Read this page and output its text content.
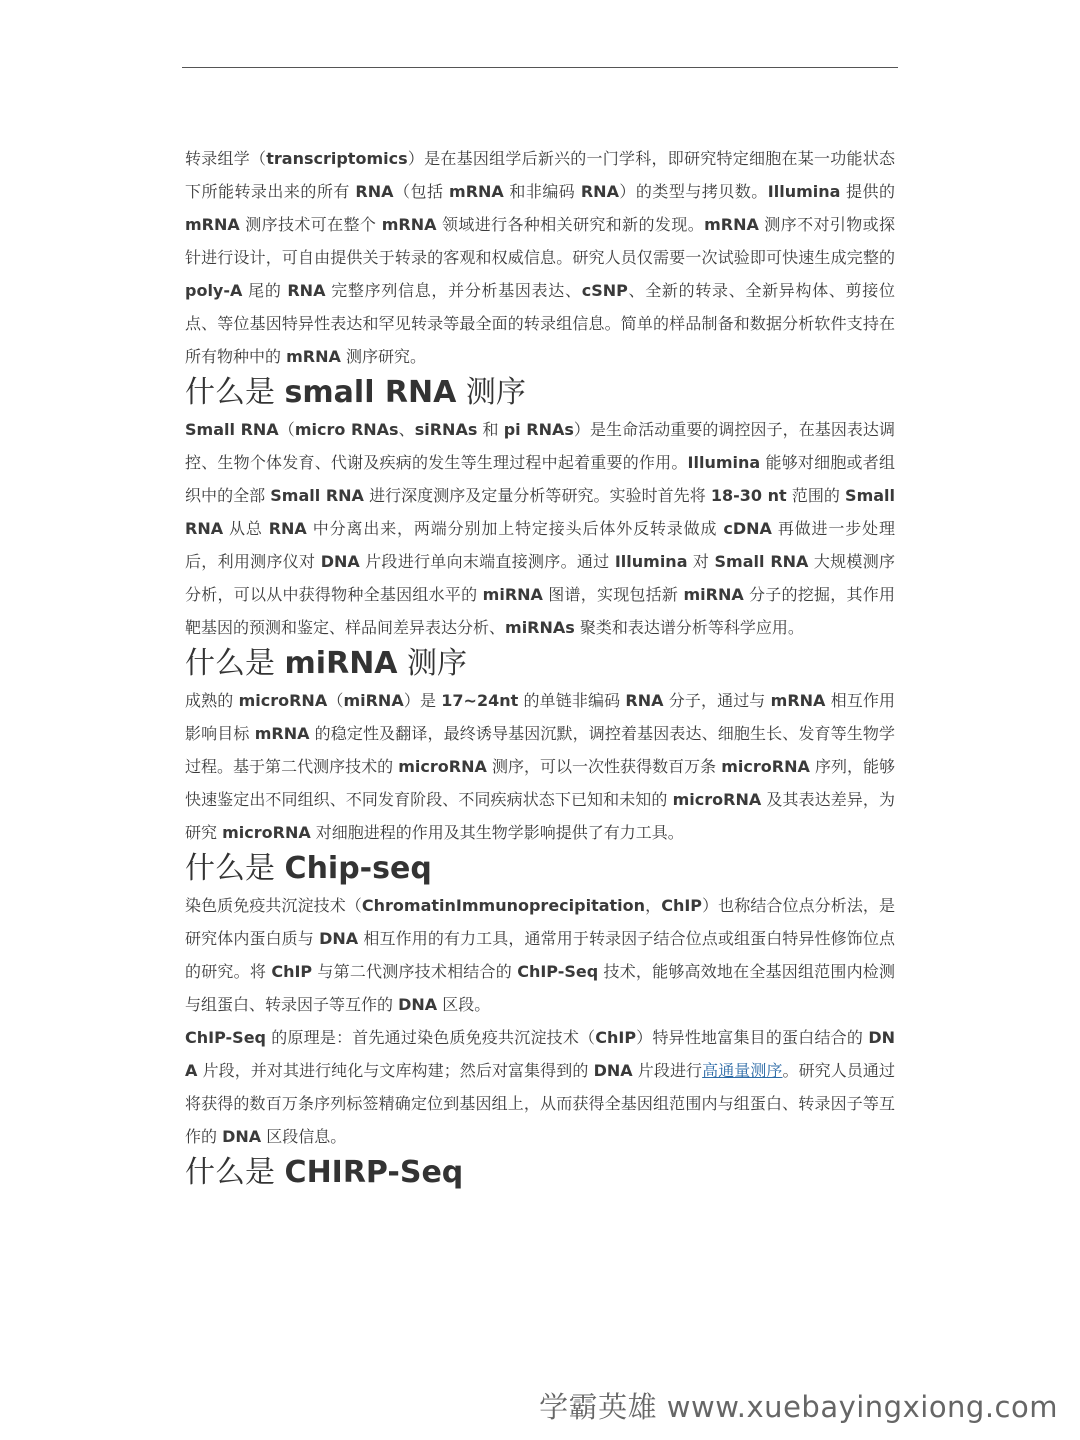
转录组学（transcriptomics）是在基因组学后新兴的一门学科，即研究特定细胞在某一功能状态下所能转录出来的所有 RNA（包括 mRNA 和非编码 RNA）的类型与拷贝数。Illumina 提供的 mRNA 测序技术可在整个 mRNA 领域进行各种相关研究和新的发现。mRNA 测序不对引物或探针进行设计，可自由提供关于转录的客观和权威信息。研究人员仅需要一次试验即可快速生成完整的 poly-A 尾的 RNA 完整序列信息，并分析基因表达、cSNP、全新的转录、全新异构体、剪接位点、等位基因特异性表达和罕见转录等最全面的转录组信息。简单的样品制备和数据分析软件支持在所有物种中的 mRNA 测序研究。

什么是 small RNA 测序

Small RNA（micro RNAs、siRNAs 和 pi RNAs）是生命活动重要的调控因子，在基因表达调控、生物个体发育、代谢及疾病的发生等生理过程中起着重要的作用。Illumina 能够对细胞或者组织中的全部 Small RNA 进行深度测序及定量分析等研究。实验时首先将 18-30 nt 范围的 Small RNA 从总 RNA 中分离出来，两端分别加上特定接头后体外反转录做成 cDNA 再做进一步处理后，利用测序仪对 DNA 片段进行单向末端直接测序。通过 Illumina 对 Small RNA 大规模测序分析，可以从中获得物种全基因组水平的 miRNA 图谱，实现包括新 miRNA 分子的挖掘，其作用靶基因的预测和鉴定、样品间差异表达分析、miRNAs 聚类和表达谱分析等科学应用。

什么是 miRNA 测序

成熟的 microRNA（miRNA）是 17~24nt 的单链非编码 RNA 分子，通过与 mRNA 相互作用影响目标 mRNA 的稳定性及翻译，最终诱导基因沉默，调控着基因表达、细胞生长、发育等生物学过程。基于第二代测序技术的 microRNA 测序，可以一次性获得数百万条 microRNA 序列，能够快速鉴定出不同组织、不同发育阶段、不同疾病状态下已知和未知的 microRNA 及其表达差异，为研究 microRNA 对细胞进程的作用及其生物学影响提供了有力工具。

什么是 Chip-seq

染色质免疫共沉淀技术（ChromatinImmunoprecipitation，ChIP）也称结合位点分析法，是研究体内蛋白质与 DNA 相互作用的有力工具，通常用于转录因子结合位点或组蛋白特异性修饰位点的研究。将 ChIP 与第二代测序技术相结合的 ChIP-Seq 技术，能够高效地在全基因组范围内检测与组蛋白、转录因子等互作的 DNA 区段。

ChIP-Seq 的原理是：首先通过染色质免疫共沉淀技术（ChIP）特异性地富集目的蛋白结合的 DNA 片段，并对其进行纯化与文库构建；然后对富集得到的 DNA 片段进行高通量测序。研究人员通过将获得的数百万条序列标签精确定位到基因组上，从而获得全基因组范围内与组蛋白、转录因子等互作的 DNA 区段信息。

什么是 CHIRP-Seq
学霸英雄 www.xuebayingxiong.com
